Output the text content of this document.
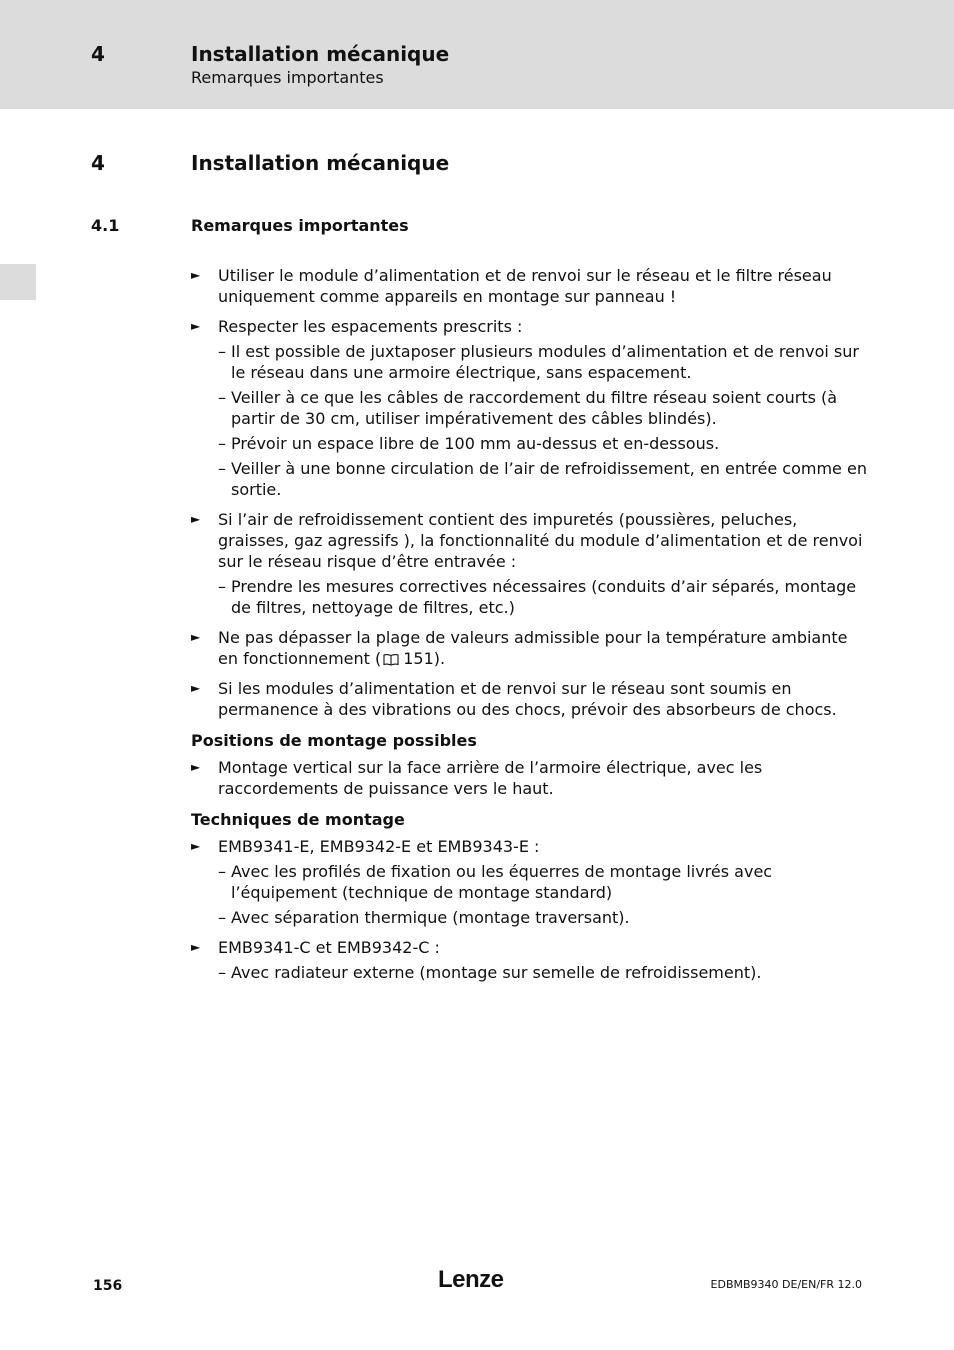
4	Installation mécanique
Remarques importantes
4	Installation mécanique
4.1	Remarques importantes
► Utiliser le module d’alimentation et de renvoi sur le réseau et le filtre réseau uniquement comme appareils en montage sur panneau !
► Respecter les espacements prescrits :
– Il est possible de juxtaposer plusieurs modules d’alimentation et de renvoi sur le réseau dans une armoire électrique, sans espacement.
– Veiller à ce que les câbles de raccordement du filtre réseau soient courts (à partir de 30 cm, utiliser impérativement des câbles blindés).
– Prévoir un espace libre de 100 mm au-dessus et en-dessous.
– Veiller à une bonne circulation de l’air de refroidissement, en entrée comme en sortie.
► Si l’air de refroidissement contient des impuretés (poussières, peluches, graisses, gaz agressifs ), la fonctionnalité du module d’alimentation et de renvoi sur le réseau risque d’être entravée :
– Prendre les mesures correctives nécessaires (conduits d’air séparés, montage de filtres, nettoyage de filtres, etc.)
► Ne pas dépasser la plage de valeurs admissible pour la température ambiante en fonctionnement ( 151).
► Si les modules d’alimentation et de renvoi sur le réseau sont soumis en permanence à des vibrations ou des chocs, prévoir des absorbeurs de chocs.
Positions de montage possibles
► Montage vertical sur la face arrière de l’armoire électrique, avec les raccordements de puissance vers le haut.
Techniques de montage
► EMB9341-E, EMB9342-E et EMB9343-E :
– Avec les profilés de fixation ou les équerres de montage livrés avec l’équipement (technique de montage standard)
– Avec séparation thermique (montage traversant).
► EMB9341-C et EMB9342-C :
– Avec radiateur externe (montage sur semelle de refroidissement).
156	Lenze	EDBMB9340 DE/EN/FR 12.0
